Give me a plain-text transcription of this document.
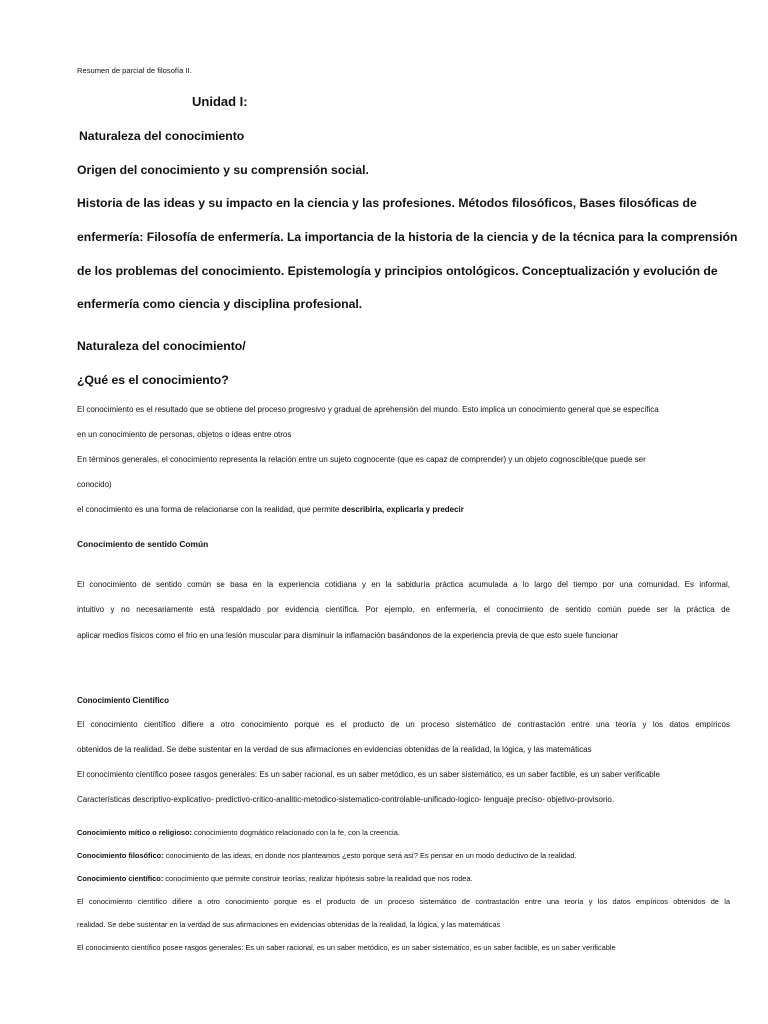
Resumen de parcial de filosofía II.
Unidad I:
Naturaleza del conocimiento
Origen del conocimiento y su comprensión social.
Historia de las ideas y su impacto en la ciencia y las profesiones. Métodos filosóficos, Bases filosóficas de
enfermería: Filosofía de enfermería. La importancia de la historia de la ciencia y de la técnica para la comprensión
de los problemas del conocimiento. Epistemología y principios ontológicos. Conceptualización y evolución de
enfermería como ciencia y disciplina profesional.
Naturaleza del conocimiento/
¿Qué es el conocimiento?
El conocimiento es el resultado que se obtiene del proceso progresivo y gradual de aprehensión del mundo. Esto implica un conocimiento general que se especifica
en un conocimiento de personas, objetos o ideas entre otros
En términos generales, el conocimiento representa la relación entre un sujeto cognocente (que es capaz de comprender) y un objeto cognoscible(que puede ser
conocido)
el conocimiento es una forma de relacionarse con la realidad, que permite describirla, explicarla y predecir
Conocimiento de sentido Común
El conocimiento de sentido común se basa en la experiencia cotidiana y en la sabiduría práctica acumulada a lo largo del tiempo por una comunidad. Es informal,
intuitivo y no necesariamente está respaldado por evidencia científica. Por ejemplo, en enfermería, el conocimiento de sentido común puede ser la práctica de
aplicar medios físicos como el frio en una lesión muscular para disminuir la inflamación basándonos de la experiencia previa de que esto suele funcionar
Conocimiento Científico
El conocimiento científico difiere a otro conocimiento porque es el producto de un proceso sistemático de contrastación entre una teoría y los datos empíricos
obtenidos de la realidad. Se debe sustentar en la verdad de sus afirmaciones en evidencias obtenidas de la realidad, la lógica, y las matemáticas
El conocimiento científico posee rasgos generales: Es un saber racional, es un saber metódico, es un saber sistemático, es un saber factible, es un saber verificable
Características descriptivo-explicativo- predictivo-critico-analitic-metodico-sistematico-controlable-unificado-logico- lenguaje preciso- objetivo-provisorio.
Conocimiento mítico o religioso: conocimiento dogmático relacionado con la fe, con la creencia.
Conocimiento filosófico: conocimiento de las ideas, en donde nos planteamos ¿esto porque será así? Es pensar en un modo deductivo de la realidad.
Conocimiento científico: conocimiento que permite construir teorías, realizar hipótesis sobre la realidad que nos rodea.
El conocimiento científico difiere a otro conocimiento porque es el producto de un proceso sistemático de contrastación entre una teoría y los datos empíricos obtenidos de la
realidad. Se debe sustentar en la verdad de sus afirmaciones en evidencias obtenidas de la realidad, la lógica, y las matemáticas
El conocimiento científico posee rasgos generales: Es un saber racional, es un saber metódico, es un saber sistemático, es un saber factible, es un saber verificable
